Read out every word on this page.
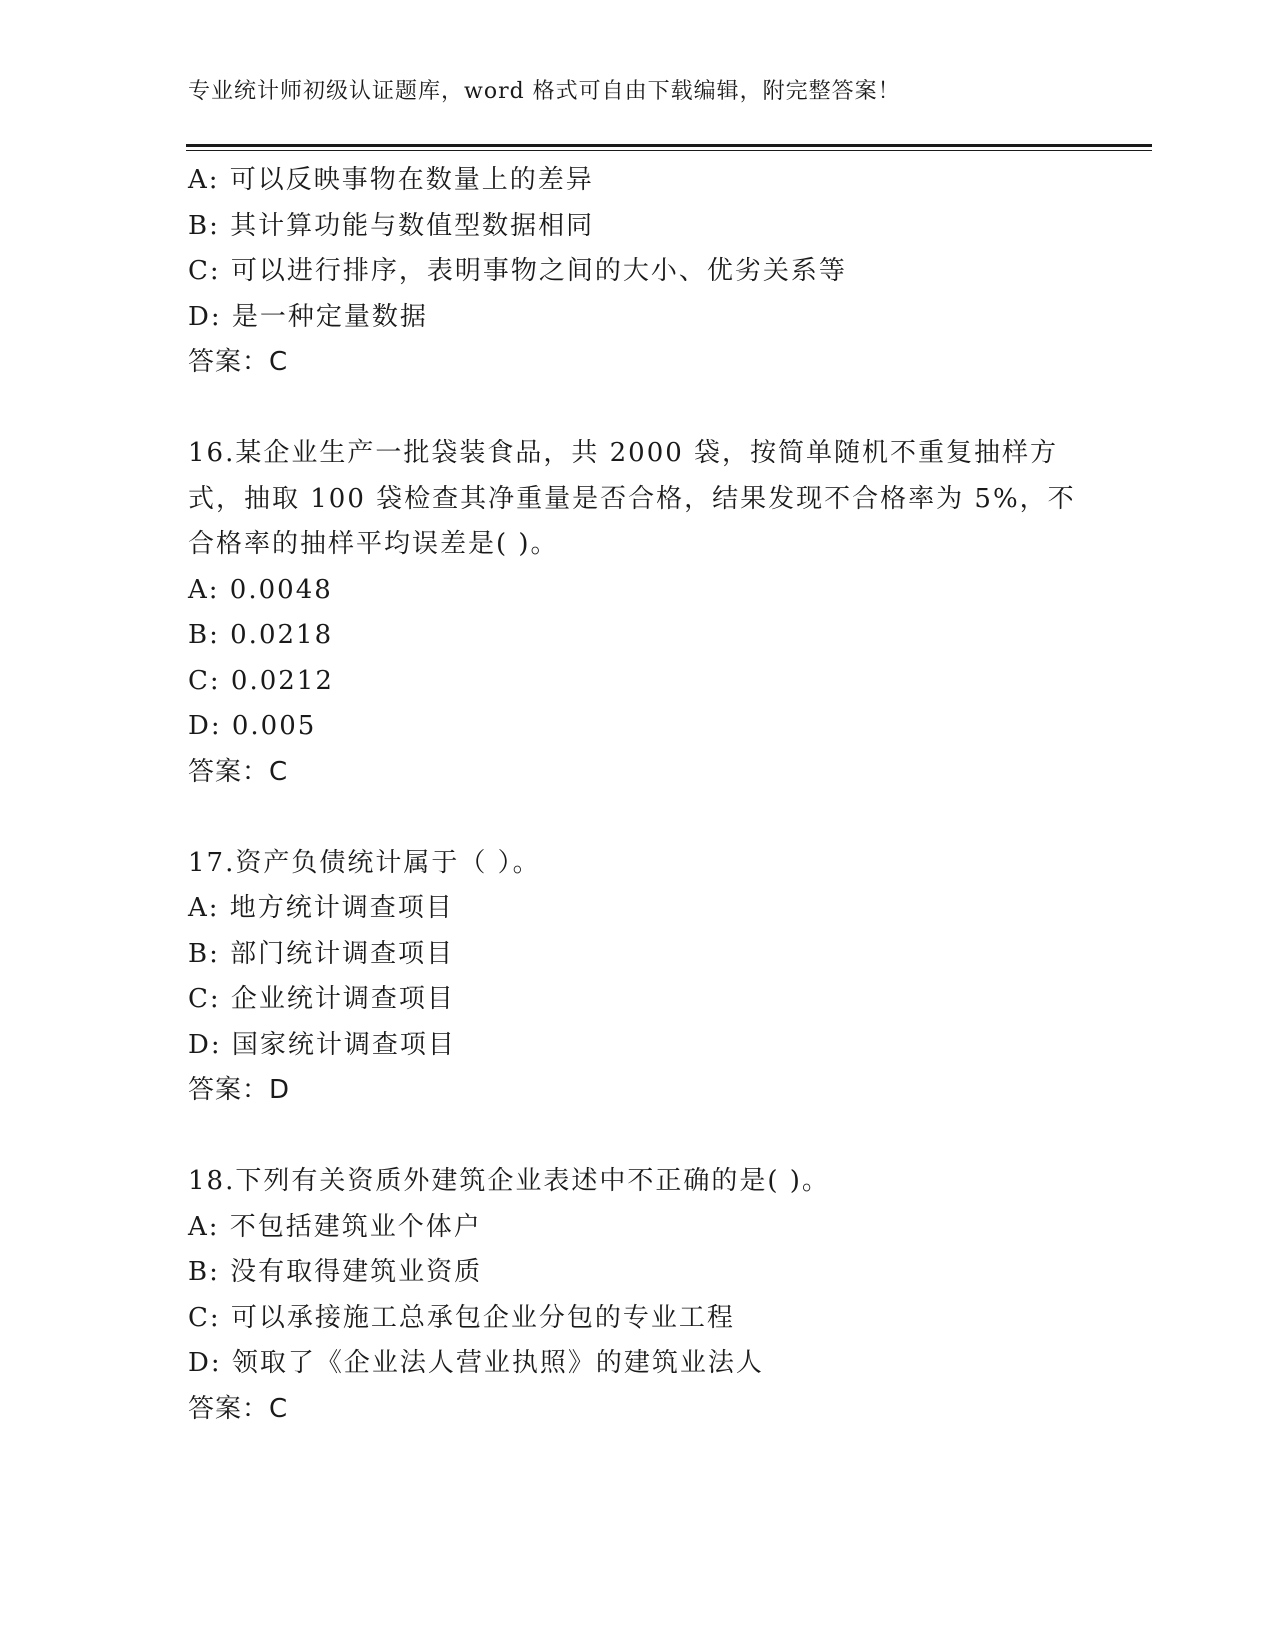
专业统计师初级认证题库，word 格式可自由下载编辑，附完整答案！
A: 可以反映事物在数量上的差异
B: 其计算功能与数值型数据相同
C: 可以进行排序，表明事物之间的大小、优劣关系等
D: 是一种定量数据
答案：C
16.某企业生产一批袋装食品，共 2000 袋，按简单随机不重复抽样方
式，抽取 100 袋检查其净重量是否合格，结果发现不合格率为 5%，不
合格率的抽样平均误差是( )。
A: 0.0048
B: 0.0218
C: 0.0212
D: 0.005
答案：C
17.资产负债统计属于（ ）。
A: 地方统计调查项目
B: 部门统计调查项目
C: 企业统计调查项目
D: 国家统计调查项目
答案：D
18.下列有关资质外建筑企业表述中不正确的是( )。
A: 不包括建筑业个体户
B: 没有取得建筑业资质
C: 可以承接施工总承包企业分包的专业工程
D: 领取了《企业法人营业执照》的建筑业法人
答案：C
